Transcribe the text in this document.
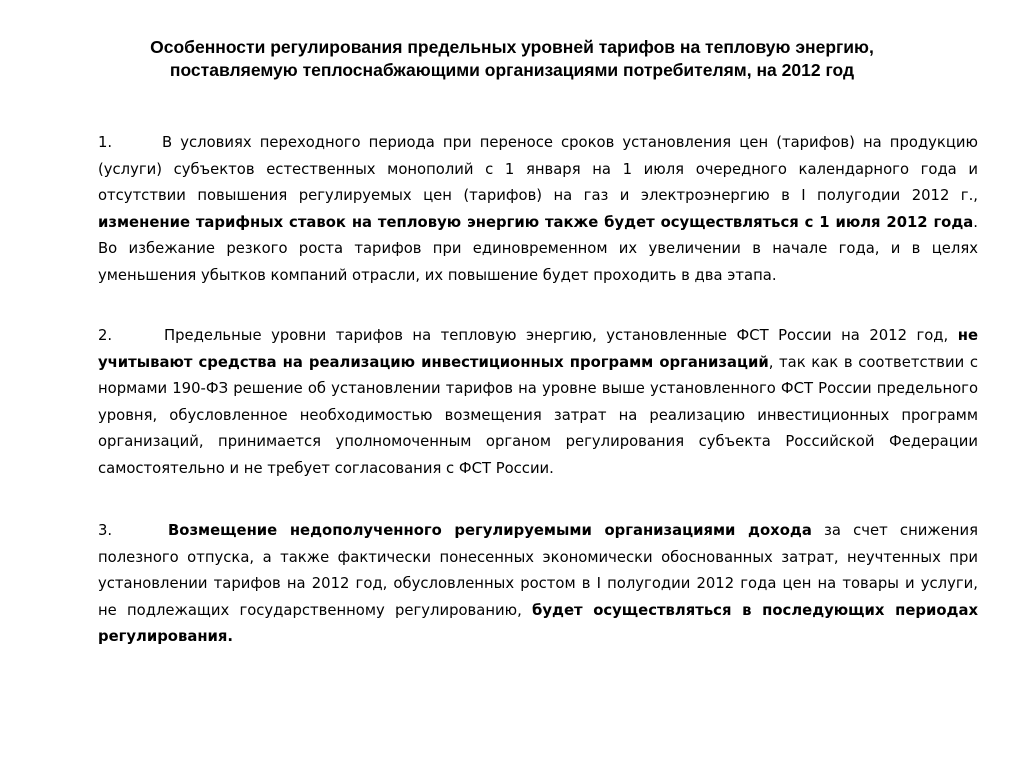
Особенности регулирования предельных уровней тарифов на тепловую энергию,
поставляемую теплоснабжающими организациями потребителям, на 2012 год

1.	В условиях переходного периода при переносе сроков установления цен (тарифов) на продукцию (услуги) субъектов естественных монополий с 1 января на 1 июля очередного календарного года и отсутствии повышения регулируемых цен (тарифов) на газ и электроэнергию в I полугодии 2012 г., изменение тарифных ставок на тепловую энергию также будет осуществляться с 1 июля 2012 года. Во избежание резкого роста тарифов при единовременном их увеличении в начале года, и в целях уменьшения убытков компаний отрасли, их повышение будет проходить в два этапа.

2.	Предельные уровни тарифов на тепловую энергию, установленные ФСТ России на 2012 год, не учитывают средства на реализацию инвестиционных программ организаций, так как в соответствии с нормами 190-ФЗ решение об установлении тарифов на уровне выше установленного ФСТ России предельного уровня, обусловленное необходимостью возмещения затрат на реализацию инвестиционных программ организаций, принимается уполномоченным органом регулирования субъекта Российской Федерации самостоятельно и не требует согласования с ФСТ России.

3.	Возмещение недополученного регулируемыми организациями дохода за счет снижения полезного отпуска, а также фактически понесенных экономически обоснованных затрат, неучтенных при установлении тарифов на 2012 год, обусловленных ростом в I полугодии 2012 года цен на товары и услуги, не подлежащих государственному регулированию, будет осуществляться в последующих периодах регулирования.
